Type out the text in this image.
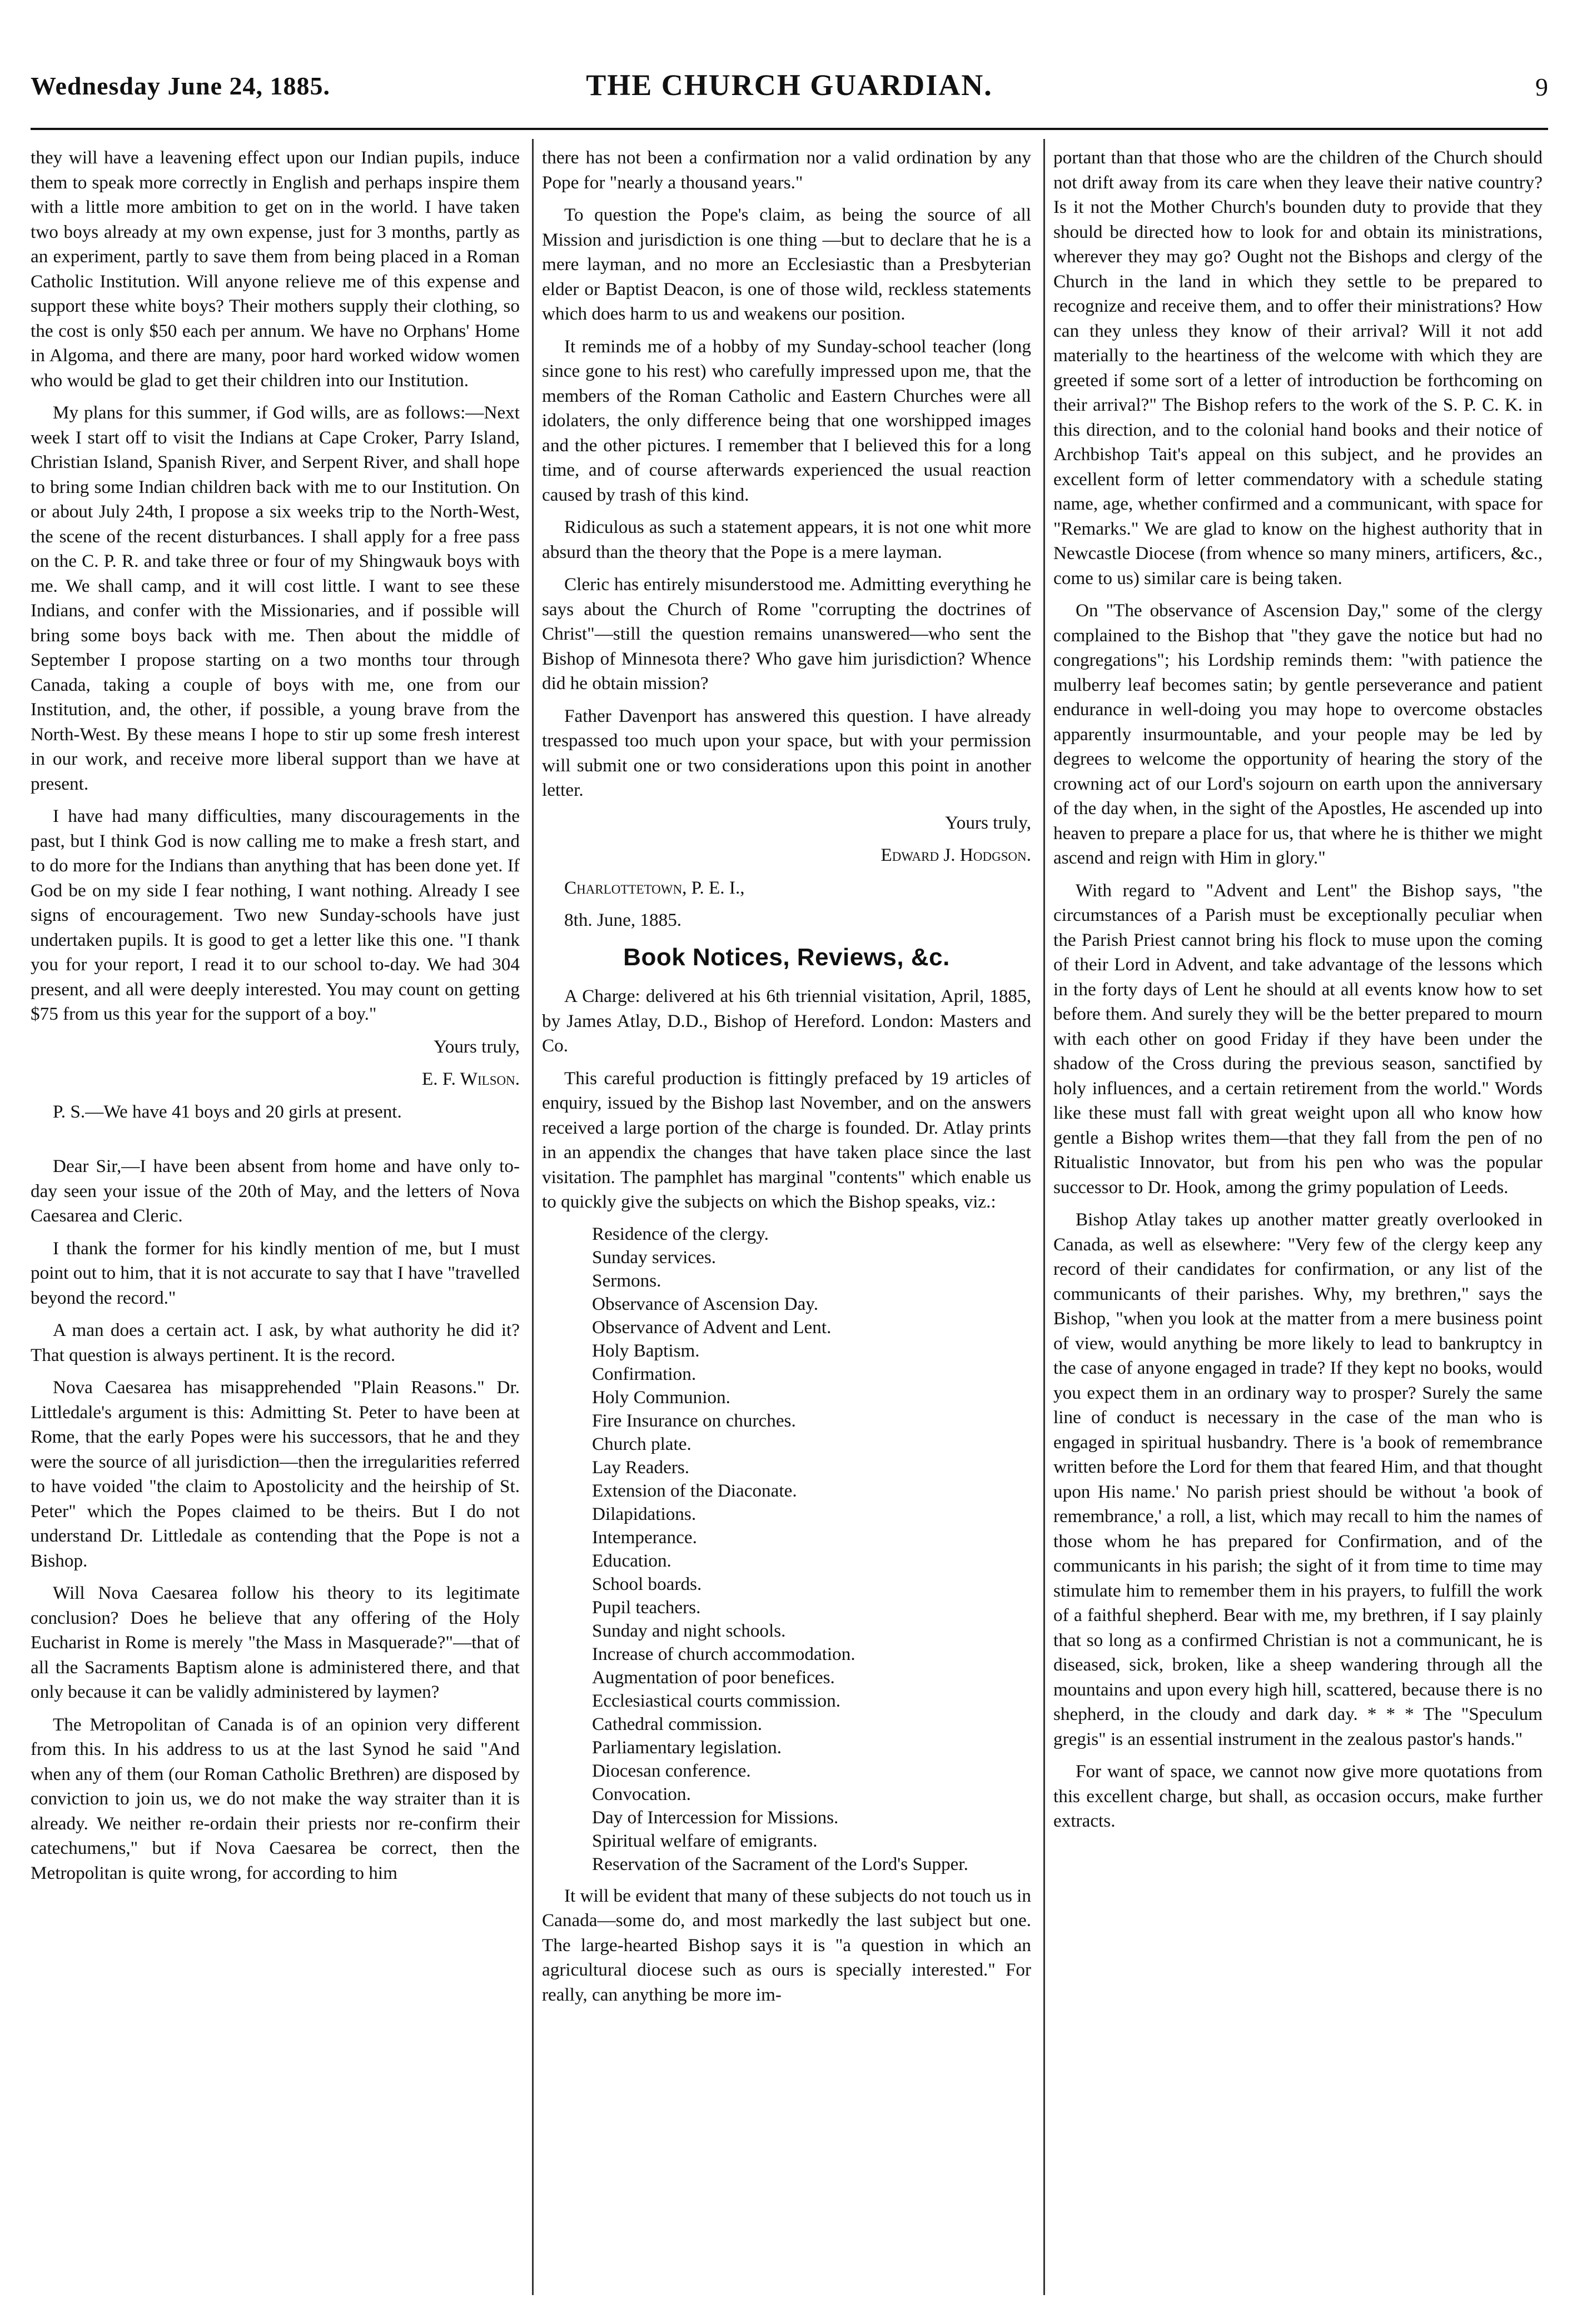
Wednesday June 24, 1885.	THE CHURCH GUARDIAN.	9

they will have a leavening effect upon our Indian pupils, induce them to speak more correctly in English and perhaps inspire them with a little more ambition to get on in the world. I have taken two boys already at my own expense, just for 3 months, partly as an experiment, partly to save them from being placed in a Roman Catholic Institution. Will anyone relieve me of this expense and support these white boys? Their mothers supply their clothing, so the cost is only $50 each per annum. We have no Orphans' Home in Algoma, and there are many, poor hard worked widow women who would be glad to get their children into our Institution.

My plans for this summer, if God wills, are as follows:—Next week I start off to visit the Indians at Cape Croker, Parry Island, Christian Island, Spanish River, and Serpent River, and shall hope to bring some Indian children back with me to our Institution. On or about July 24th, I propose a six weeks trip to the North-West, the scene of the recent disturbances. I shall apply for a free pass on the C. P. R. and take three or four of my Shingwauk boys with me. We shall camp, and it will cost little. I want to see these Indians, and confer with the Missionaries, and if possible will bring some boys back with me. Then about the middle of September I propose starting on a two months tour through Canada, taking a couple of boys with me, one from our Institution, and, the other, if possible, a young brave from the North-West. By these means I hope to stir up some fresh interest in our work, and receive more liberal support than we have at present.

I have had many difficulties, many discouragements in the past, but I think God is now calling me to make a fresh start, and to do more for the Indians than anything that has been done yet. If God be on my side I fear nothing, I want nothing. Already I see signs of encouragement. Two new Sunday-schools have just undertaken pupils. It is good to get a letter like this one. "I thank you for your report, I read it to our school to-day. We had 304 present, and all were deeply interested. You may count on getting $75 from us this year for the support of a boy."

Yours truly,

E. F. Wilson.

P. S.—We have 41 boys and 20 girls at present.

Dear Sir,—I have been absent from home and have only to-day seen your issue of the 20th of May, and the letters of Nova Caesarea and Cleric.

I thank the former for his kindly mention of me, but I must point out to him, that it is not accurate to say that I have "travelled beyond the record."

A man does a certain act. I ask, by what authority he did it? That question is always pertinent. It is the record.

Nova Caesarea has misapprehended "Plain Reasons." Dr. Littledale's argument is this: Admitting St. Peter to have been at Rome, that the early Popes were his successors, that he and they were the source of all jurisdiction—then the irregularities referred to have voided "the claim to Apostolicity and the heirship of St. Peter" which the Popes claimed to be theirs. But I do not understand Dr. Littledale as contending that the Pope is not a Bishop.

Will Nova Caesarea follow his theory to its legitimate conclusion? Does he believe that any offering of the Holy Eucharist in Rome is merely "the Mass in Masquerade?"—that of all the Sacraments Baptism alone is administered there, and that only because it can be validly administered by laymen?

The Metropolitan of Canada is of an opinion very different from this. In his address to us at the last Synod he said "And when any of them (our Roman Catholic Brethren) are disposed by conviction to join us, we do not make the way straiter than it is already. We neither re-ordain their priests nor re-confirm their catechumens," but if Nova Caesarea be correct, then the Metropolitan is quite wrong, for according to him

there has not been a confirmation nor a valid ordination by any Pope for "nearly a thousand years."

To question the Pope's claim, as being the source of all Mission and jurisdiction is one thing —but to declare that he is a mere layman, and no more an Ecclesiastic than a Presbyterian elder or Baptist Deacon, is one of those wild, reckless statements which does harm to us and weakens our position.

It reminds me of a hobby of my Sunday-school teacher (long since gone to his rest) who carefully impressed upon me, that the members of the Roman Catholic and Eastern Churches were all idolaters, the only difference being that one worshipped images and the other pictures. I remember that I believed this for a long time, and of course afterwards experienced the usual reaction caused by trash of this kind.

Ridiculous as such a statement appears, it is not one whit more absurd than the theory that the Pope is a mere layman.

Cleric has entirely misunderstood me. Admitting everything he says about the Church of Rome "corrupting the doctrines of Christ"—still the question remains unanswered—who sent the Bishop of Minnesota there? Who gave him jurisdiction? Whence did he obtain mission?

Father Davenport has answered this question. I have already trespassed too much upon your space, but with your permission will submit one or two considerations upon this point in another letter.

Yours truly,

Edward J. Hodgson.

Charlottetown, P. E. I.,

8th. June, 1885.

Book Notices, Reviews, &c.

A Charge: delivered at his 6th triennial visitation, April, 1885, by James Atlay, D.D., Bishop of Hereford. London: Masters and Co.

This careful production is fittingly prefaced by 19 articles of enquiry, issued by the Bishop last November, and on the answers received a large portion of the charge is founded. Dr. Atlay prints in an appendix the changes that have taken place since the last visitation. The pamphlet has marginal "contents" which enable us to quickly give the subjects on which the Bishop speaks, viz.:

Residence of the clergy.
Sunday services.
Sermons.
Observance of Ascension Day.
Observance of Advent and Lent.
Holy Baptism.
Confirmation.
Holy Communion.
Fire Insurance on churches.
Church plate.
Lay Readers.
Extension of the Diaconate.
Dilapidations.
Intemperance.
Education.
School boards.
Pupil teachers.
Sunday and night schools.
Increase of church accommodation.
Augmentation of poor benefices.
Ecclesiastical courts commission.
Cathedral commission.
Parliamentary legislation.
Diocesan conference.
Convocation.
Day of Intercession for Missions.
Spiritual welfare of emigrants.
Reservation of the Sacrament of the Lord's Supper.

It will be evident that many of these subjects do not touch us in Canada—some do, and most markedly the last subject but one. The large-hearted Bishop says it is "a question in which an agricultural diocese such as ours is specially interested." For really, can anything be more im-

portant than that those who are the children of the Church should not drift away from its care when they leave their native country? Is it not the Mother Church's bounden duty to provide that they should be directed how to look for and obtain its ministrations, wherever they may go? Ought not the Bishops and clergy of the Church in the land in which they settle to be prepared to recognize and receive them, and to offer their ministrations? How can they unless they know of their arrival? Will it not add materially to the heartiness of the welcome with which they are greeted if some sort of a letter of introduction be forthcoming on their arrival?" The Bishop refers to the work of the S. P. C. K. in this direction, and to the colonial hand books and their notice of Archbishop Tait's appeal on this subject, and he provides an excellent form of letter commendatory with a schedule stating name, age, whether confirmed and a communicant, with space for "Remarks." We are glad to know on the highest authority that in Newcastle Diocese (from whence so many miners, artificers, &c., come to us) similar care is being taken.

On "The observance of Ascension Day," some of the clergy complained to the Bishop that "they gave the notice but had no congregations"; his Lordship reminds them: "with patience the mulberry leaf becomes satin; by gentle perseverance and patient endurance in well-doing you may hope to overcome obstacles apparently insurmountable, and your people may be led by degrees to welcome the opportunity of hearing the story of the crowning act of our Lord's sojourn on earth upon the anniversary of the day when, in the sight of the Apostles, He ascended up into heaven to prepare a place for us, that where he is thither we might ascend and reign with Him in glory."

With regard to "Advent and Lent" the Bishop says, "the circumstances of a Parish must be exceptionally peculiar when the Parish Priest cannot bring his flock to muse upon the coming of their Lord in Advent, and take advantage of the lessons which in the forty days of Lent he should at all events know how to set before them. And surely they will be the better prepared to mourn with each other on good Friday if they have been under the shadow of the Cross during the previous season, sanctified by holy influences, and a certain retirement from the world." Words like these must fall with great weight upon all who know how gentle a Bishop writes them—that they fall from the pen of no Ritualistic Innovator, but from his pen who was the popular successor to Dr. Hook, among the grimy population of Leeds.

Bishop Atlay takes up another matter greatly overlooked in Canada, as well as elsewhere: "Very few of the clergy keep any record of their candidates for confirmation, or any list of the communicants of their parishes. Why, my brethren," says the Bishop, "when you look at the matter from a mere business point of view, would anything be more likely to lead to bankruptcy in the case of anyone engaged in trade? If they kept no books, would you expect them in an ordinary way to prosper? Surely the same line of conduct is necessary in the case of the man who is engaged in spiritual husbandry. There is 'a book of remembrance written before the Lord for them that feared Him, and that thought upon His name.' No parish priest should be without 'a book of remembrance,' a roll, a list, which may recall to him the names of those whom he has prepared for Confirmation, and of the communicants in his parish; the sight of it from time to time may stimulate him to remember them in his prayers, to fulfill the work of a faithful shepherd. Bear with me, my brethren, if I say plainly that so long as a confirmed Christian is not a communicant, he is diseased, sick, broken, like a sheep wandering through all the mountains and upon every high hill, scattered, because there is no shepherd, in the cloudy and dark day. * * * The "Speculum gregis" is an essential instrument in the zealous pastor's hands."

For want of space, we cannot now give more quotations from this excellent charge, but shall, as occasion occurs, make further extracts.
